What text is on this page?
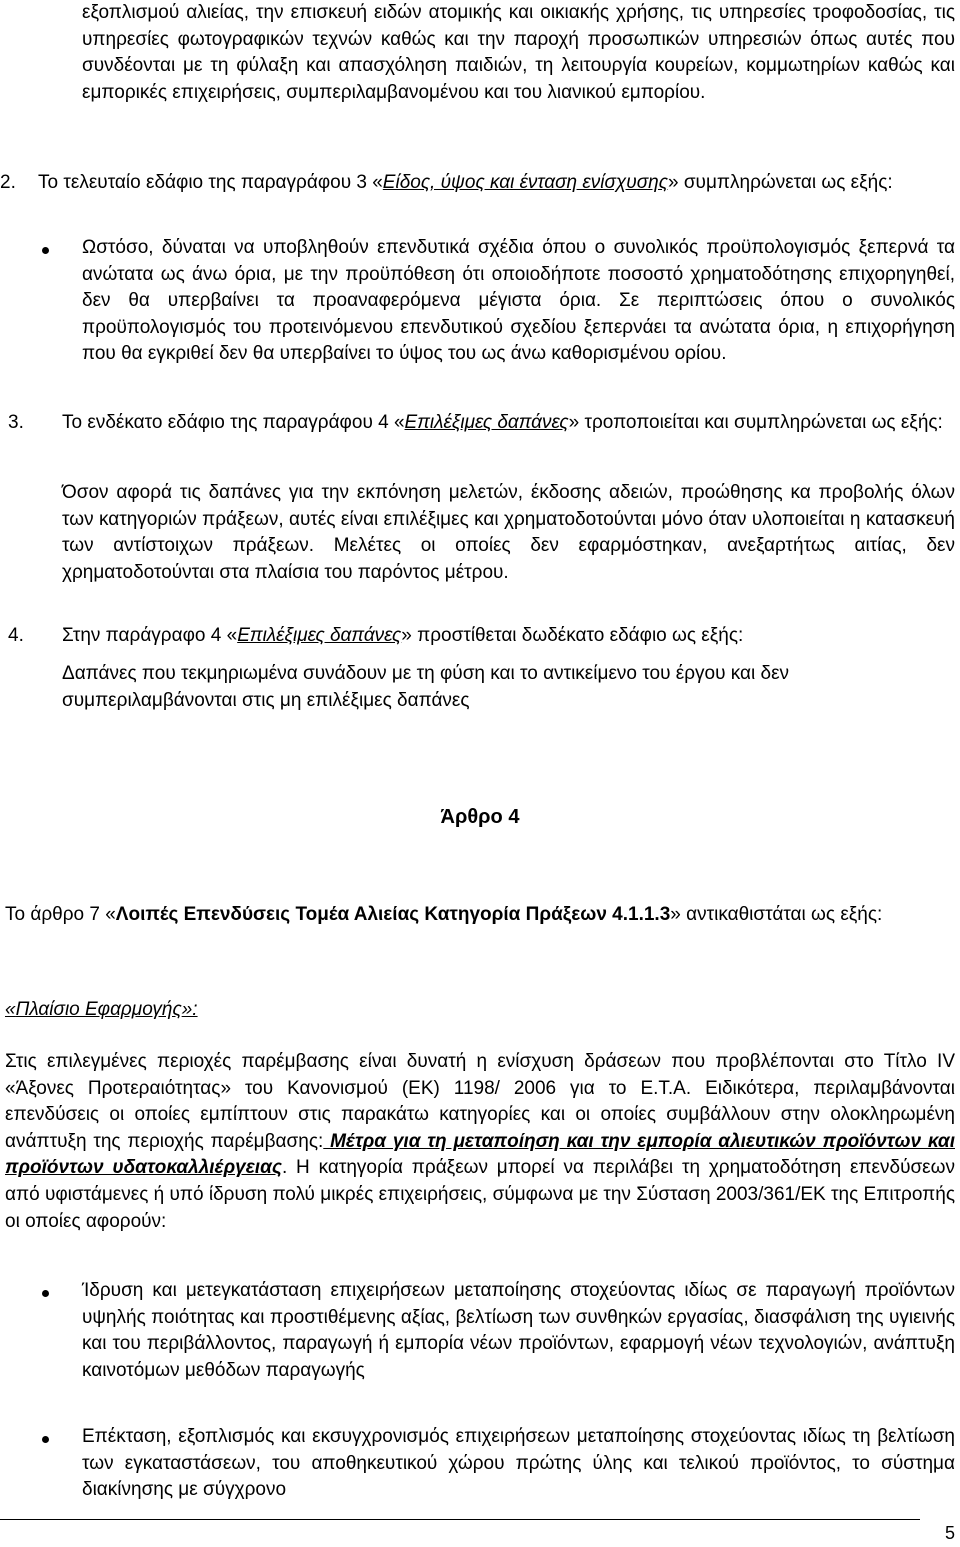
εξοπλισμού αλιείας, την επισκευή ειδών ατομικής και οικιακής χρήσης, τις υπηρεσίες τροφοδοσίας, τις υπηρεσίες φωτογραφικών τεχνών καθώς και την παροχή προσωπικών υπηρεσιών όπως αυτές που συνδέονται με τη φύλαξη και απασχόληση παιδιών, τη λειτουργία κουρείων, κομμωτηρίων καθώς και εμπορικές επιχειρήσεις, συμπεριλαμβανομένου και του λιανικού εμπορίου.

2.	Το τελευταίο εδάφιο της παραγράφου 3 «Είδος, ύψος και ένταση ενίσχυσης» συμπληρώνεται ως εξής:

Ωστόσο, δύναται να υποβληθούν επενδυτικά σχέδια όπου ο συνολικός προϋπολογισμός ξεπερνά τα ανώτατα ως άνω όρια, με την προϋπόθεση ότι οποιοδήποτε ποσοστό χρηματοδότησης επιχορηγηθεί, δεν θα υπερβαίνει τα προαναφερόμενα μέγιστα όρια. Σε περιπτώσεις όπου ο συνολικός προϋπολογισμός του προτεινόμενου επενδυτικού σχεδίου ξεπερνάει τα ανώτατα όρια, η επιχορήγηση που θα εγκριθεί δεν θα υπερβαίνει το ύψος του ως άνω καθορισμένου ορίου.

3. Το ενδέκατο εδάφιο της παραγράφου 4 «Επιλέξιμες δαπάνες» τροποποιείται και συμπληρώνεται ως εξής:

Όσον αφορά τις δαπάνες για την εκπόνηση μελετών, έκδοσης αδειών, προώθησης κα προβολής όλων των κατηγοριών πράξεων, αυτές είναι επιλέξιμες και χρηματοδοτούνται μόνο όταν υλοποιείται η κατασκευή των αντίστοιχων πράξεων. Μελέτες οι οποίες δεν εφαρμόστηκαν, ανεξαρτήτως αιτίας, δεν χρηματοδοτούνται στα πλαίσια του παρόντος μέτρου.

4. Στην παράγραφο 4 «Επιλέξιμες δαπάνες» προστίθεται δωδέκατο εδάφιο ως εξής:

Δαπάνες που τεκμηριωμένα συνάδουν με τη φύση και το αντικείμενο του έργου και δεν συμπεριλαμβάνονται στις μη επιλέξιμες δαπάνες

Άρθρο 4

Το άρθρο 7 «Λοιπές Επενδύσεις Τομέα Αλιείας Κατηγορία Πράξεων 4.1.1.3» αντικαθιστάται ως εξής:

«Πλαίσιο Εφαρμογής»:

Στις επιλεγμένες περιοχές παρέμβασης είναι δυνατή η ενίσχυση δράσεων που προβλέπονται στο Τίτλο IV «Άξονες Προτεραιότητας» του Κανονισμού (ΕΚ) 1198/ 2006 για το Ε.Τ.Α. Ειδικότερα, περιλαμβάνονται επενδύσεις οι οποίες εμπίπτουν στις παρακάτω κατηγορίες και οι οποίες συμβάλλουν στην ολοκληρωμένη ανάπτυξη της περιοχής παρέμβασης: Μέτρα για τη μεταποίηση και την εμπορία αλιευτικών προϊόντων και προϊόντων υδατοκαλλιέργειας. Η κατηγορία πράξεων μπορεί να περιλάβει τη χρηματοδότηση επενδύσεων από υφιστάμενες ή υπό ίδρυση πολύ μικρές επιχειρήσεις, σύμφωνα με την Σύσταση 2003/361/ΕΚ της Επιτροπής οι οποίες αφορούν:

Ίδρυση και μετεγκατάσταση επιχειρήσεων μεταποίησης στοχεύοντας ιδίως σε παραγωγή προϊόντων υψηλής ποιότητας και προστιθέμενης αξίας, βελτίωση των συνθηκών εργασίας, διασφάλιση της υγιεινής και του περιβάλλοντος, παραγωγή ή εμπορία νέων προϊόντων, εφαρμογή νέων τεχνολογιών, ανάπτυξη καινοτόμων μεθόδων παραγωγής

Επέκταση, εξοπλισμός και εκσυγχρονισμός επιχειρήσεων μεταποίησης στοχεύοντας ιδίως τη βελτίωση των εγκαταστάσεων, του αποθηκευτικού χώρου πρώτης ύλης και τελικού προϊόντος, το σύστημα διακίνησης με σύγχρονο

5
